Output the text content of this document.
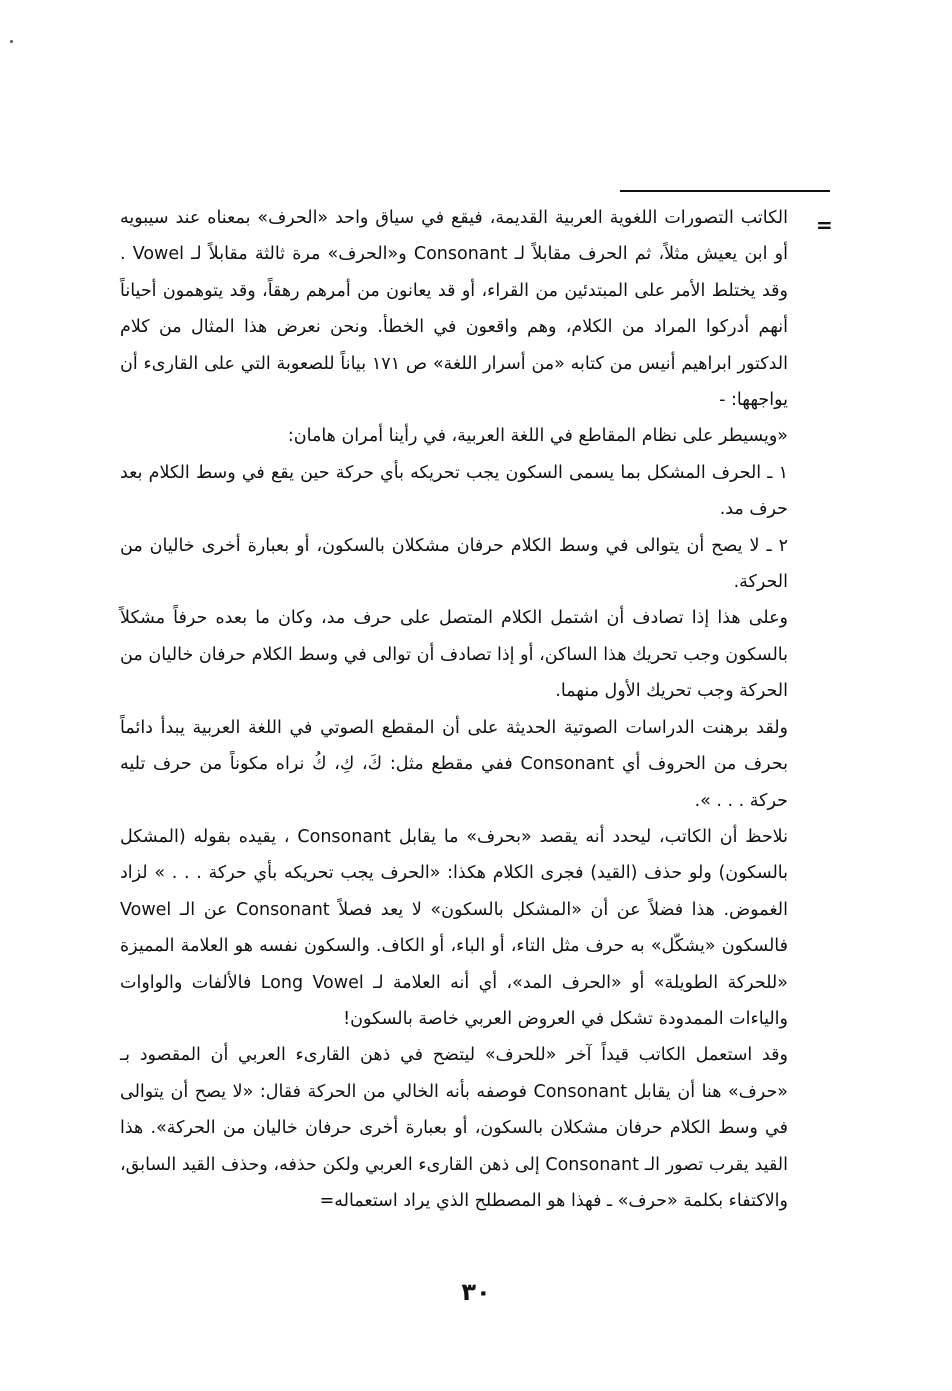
=

الكاتب التصورات اللغوية العربية القديمة، فيقع في سياق واحد «الحرف» بمعناه عند سيبويه أو ابن يعيش مثلاً، ثم الحرف مقابلاً لـ Consonant و«الحرف» مرة ثالثة مقابلاً لـ Vowel . وقد يختلط الأمر على المبتدئين من القراء، أو قد يعانون من أمرهم رهقاً، وقد يتوهمون أحياناً أنهم أدركوا المراد من الكلام، وهم واقعون في الخطأ. ونحن نعرض هذا المثال من كلام الدكتور ابراهيم أنيس من كتابه «من أسرار اللغة» ص ١٧١ بياناً للصعوبة التي على القارىء أن يواجهها: -

«ويسيطر على نظام المقاطع في اللغة العربية، في رأينا أمران هامان:

١ ـ الحرف المشكل بما يسمى السكون يجب تحريكه بأي حركة حين يقع في وسط الكلام بعد حرف مد.

٢ ـ لا يصح أن يتوالى في وسط الكلام حرفان مشكلان بالسكون، أو بعبارة أخرى خاليان من الحركة.

وعلى هذا إذا تصادف أن اشتمل الكلام المتصل على حرف مد، وكان ما بعده حرفاً مشكلاً بالسكون وجب تحريك هذا الساكن، أو إذا تصادف أن توالى في وسط الكلام حرفان خاليان من الحركة وجب تحريك الأول منهما.

ولقد برهنت الدراسات الصوتية الحديثة على أن المقطع الصوتي في اللغة العربية يبدأ دائماً بحرف من الحروف أي Consonant ففي مقطع مثل: كَ، كِ، كُ نراه مكوناً من حرف تليه حركة . . . ».

نلاحظ أن الكاتب، ليحدد أنه يقصد «بحرف» ما يقابل Consonant ، يقيده بقوله (المشكل بالسكون) ولو حذف (القيد) فجرى الكلام هكذا: «الحرف يجب تحريكه بأي حركة . . . » لزاد الغموض. هذا فضلاً عن أن «المشكل بالسكون» لا يعد فصلاً Consonant عن الـ Vowel فالسكون «يشكّل» به حرف مثل التاء، أو الباء، أو الكاف. والسكون نفسه هو العلامة المميزة «للحركة الطويلة» أو «الحرف المد»، أي أنه العلامة لـ Long Vowel فالألفات والواوات والياءات الممدودة تشكل في العروض العربي خاصة بالسكون!

وقد استعمل الكاتب قيداً آخر «للحرف» ليتضح في ذهن القارىء العربي أن المقصود بـ «حرف» هنا أن يقابل Consonant فوصفه بأنه الخالي من الحركة فقال: «لا يصح أن يتوالى في وسط الكلام حرفان مشكلان بالسكون، أو بعبارة أخرى حرفان خاليان من الحركة». هذا القيد يقرب تصور الـ Consonant إلى ذهن القارىء العربي ولكن حذفه، وحذف القيد السابق، والاكتفاء بكلمة «حرف» ـ فهذا هو المصطلح الذي يراد استعماله=

٣٠
